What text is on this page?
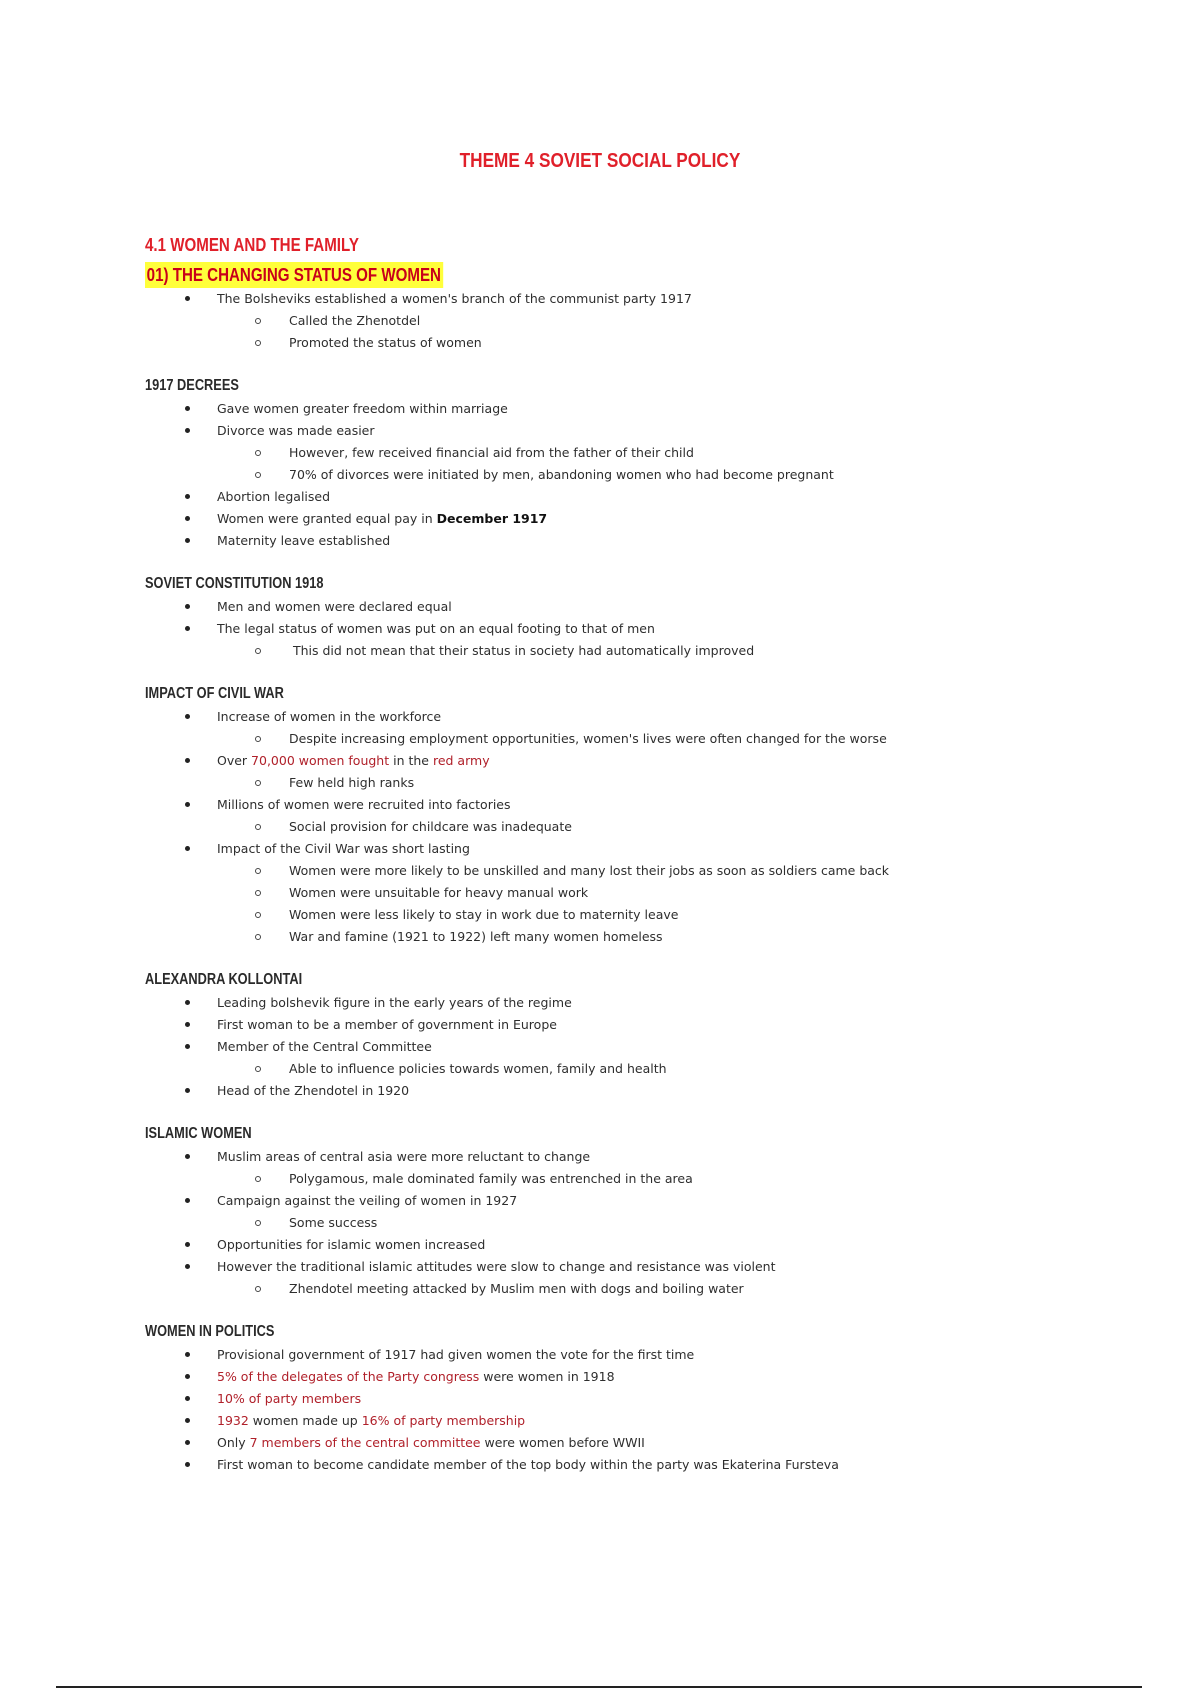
THEME 4 SOVIET SOCIAL POLICY
4.1 WOMEN AND THE FAMILY
01) THE CHANGING STATUS OF WOMEN
The Bolsheviks established a women's branch of the communist party 1917
Called the Zhenotdel
Promoted the status of women
1917 DECREES
Gave women greater freedom within marriage
Divorce was made easier
However, few received financial aid from the father of their child
70% of divorces were initiated by men, abandoning women who had become pregnant
Abortion legalised
Women were granted equal pay in December 1917
Maternity leave established
SOVIET CONSTITUTION 1918
Men and women were declared equal
The legal status of women was put on an equal footing to that of men
This did not mean that their status in society had automatically improved
IMPACT OF CIVIL WAR
Increase of women in the workforce
Despite increasing employment opportunities, women's lives were often changed for the worse
Over 70,000 women fought in the red army
Few held high ranks
Millions of women were recruited into factories
Social provision for childcare was inadequate
Impact of the Civil War was short lasting
Women were more likely to be unskilled and many lost their jobs as soon as soldiers came back
Women were unsuitable for heavy manual work
Women were less likely to stay in work due to maternity leave
War and famine (1921 to 1922) left many women homeless
ALEXANDRA KOLLONTAI
Leading bolshevik figure in the early years of the regime
First woman to be a member of government in Europe
Member of the Central Committee
Able to influence policies towards women, family and health
Head of the Zhendotel in 1920
ISLAMIC WOMEN
Muslim areas of central asia were more reluctant to change
Polygamous, male dominated family was entrenched in the area
Campaign against the veiling of women in 1927
Some success
Opportunities for islamic women increased
However the traditional islamic attitudes were slow to change and resistance was violent
Zhendotel meeting attacked by Muslim men with dogs and boiling water
WOMEN IN POLITICS
Provisional government of 1917 had given women the vote for the first time
5% of the delegates of the Party congress were women in 1918
10% of party members
1932 women made up 16% of party membership
Only 7 members of the central committee were women before WWII
First woman to become candidate member of the top body within the party was Ekaterina Fursteva
